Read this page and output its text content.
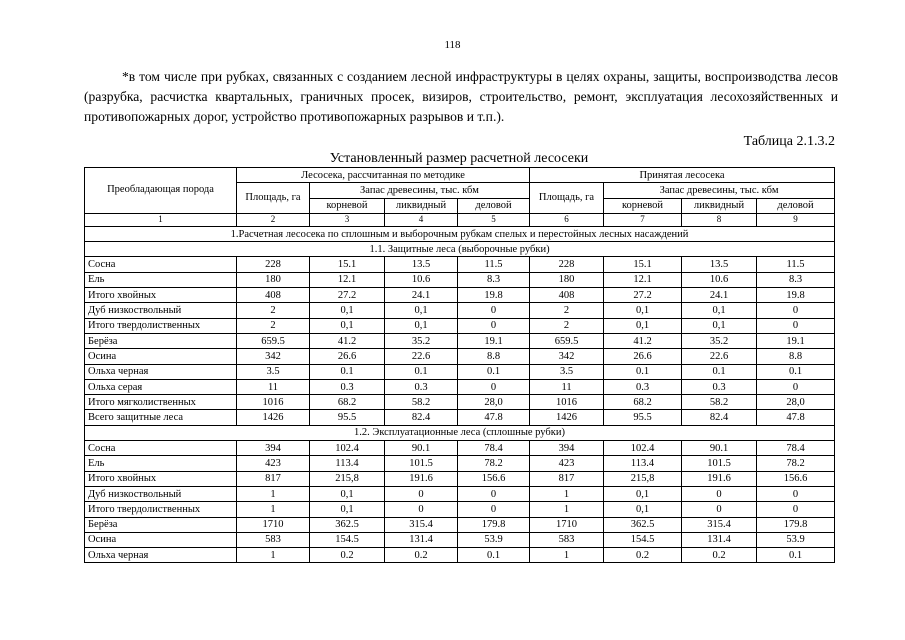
118
*в том числе при рубках, связанных с созданием лесной инфраструктуры в целях охраны, защиты, воспроизводства лесов (разрубка, расчистка квартальных, граничных просек, визиров, строительство, ремонт, эксплуатация лесохозяйственных и противопожарных дорог, устройство противопожарных разрывов и т.п.).
Таблица 2.1.3.2
Установленный размер расчетной лесосеки
Преобладающая порода	Лесосека, рассчитанная по методике				Принятая лесосека			
	Площадь, га	Запас древесины, тыс. кбм			Площадь, га	Запас древесины, тыс. кбм		
		корневой	ликвидный	деловой		корневой	ликвидный	деловой
1	2	3	4	5	6	7	8	9
1.Расчетная лесосека по сплошным и выборочным рубкам спелых и перестойных лесных насаждений								
1.1. Защитные леса (выборочные рубки)								
Сосна	228	15.1	13.5	11.5	228	15.1	13.5	11.5
Ель	180	12.1	10.6	8.3	180	12.1	10.6	8.3
Итого хвойных	408	27.2	24.1	19.8	408	27.2	24.1	19.8
Дуб низкоствольный	2	0,1	0,1	0	2	0,1	0,1	0
Итого твердолиственных	2	0,1	0,1	0	2	0,1	0,1	0
Берёза	659.5	41.2	35.2	19.1	659.5	41.2	35.2	19.1
Осина	342	26.6	22.6	8.8	342	26.6	22.6	8.8
Ольха черная	3.5	0.1	0.1	0.1	3.5	0.1	0.1	0.1
Ольха серая	11	0.3	0.3	0	11	0.3	0.3	0
Итого мягколиственных	1016	68.2	58.2	28,0	1016	68.2	58.2	28,0
Всего защитные леса	1426	95.5	82.4	47.8	1426	95.5	82.4	47.8
1.2. Эксплуатационные леса (сплошные рубки)								
Сосна	394	102.4	90.1	78.4	394	102.4	90.1	78.4
Ель	423	113.4	101.5	78.2	423	113.4	101.5	78.2
Итого хвойных	817	215,8	191.6	156.6	817	215,8	191.6	156.6
Дуб низкоствольный	1	0,1	0	0	1	0,1	0	0
Итого твердолиственных	1	0,1	0	0	1	0,1	0	0
Берёза	1710	362.5	315.4	179.8	1710	362.5	315.4	179.8
Осина	583	154.5	131.4	53.9	583	154.5	131.4	53.9
Ольха черная	1	0.2	0.2	0.1	1	0.2	0.2	0.1
